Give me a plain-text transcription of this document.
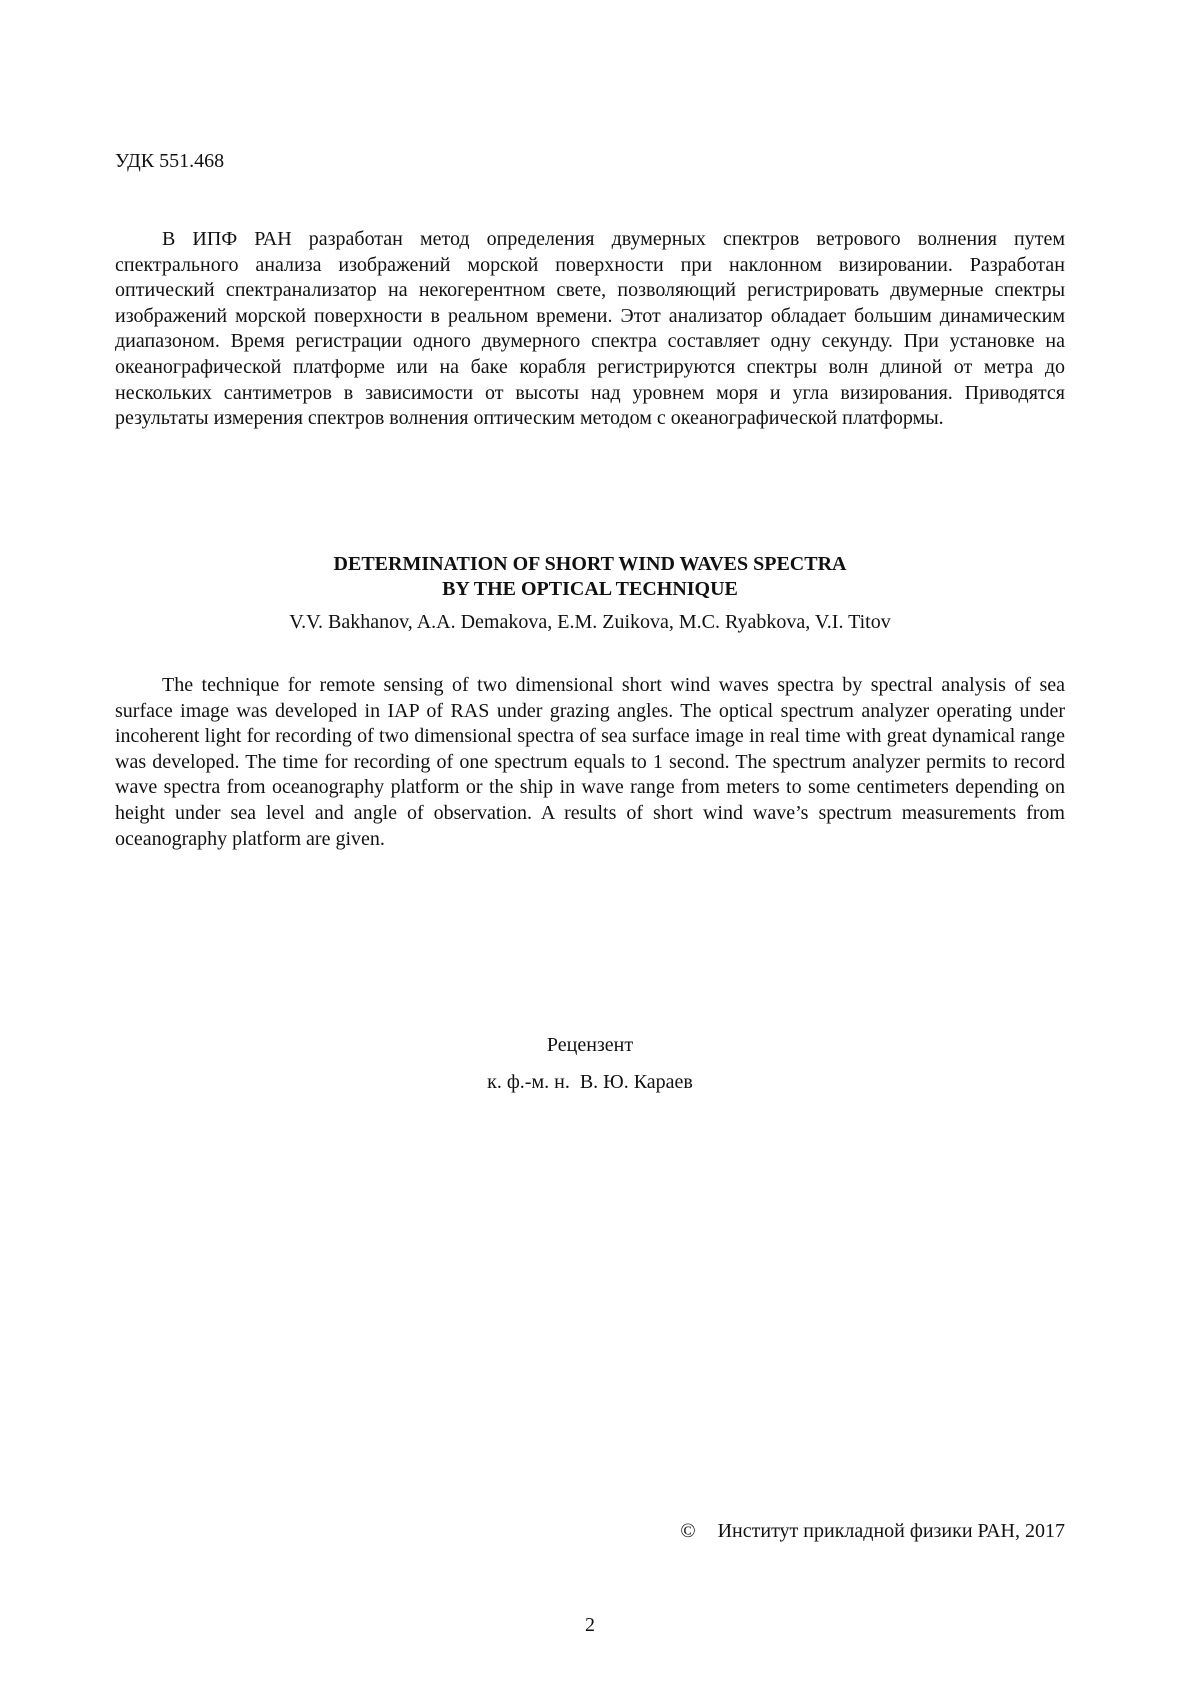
УДК 551.468

В ИПФ РАН разработан метод определения двумерных спектров ветрового волнения путем спектрального анализа изображений морской поверхности при наклонном визировании. Разработан оптический спектранализатор на некогерентном свете, позволяющий регистрировать двумерные спектры изображений морской поверхности в реальном времени. Этот анализатор обладает большим динамическим диапазоном. Время регистрации одного двумерного спектра составляет одну секунду. При установке на океанографической платформе или на баке корабля регистрируются спектры волн длиной от метра до нескольких сантиметров в зависимости от высоты над уровнем моря и угла визирования. Приводятся результаты измерения спектров волнения оптическим методом с океанографической платформы.

DETERMINATION OF SHORT WIND WAVES SPECTRA
BY THE OPTICAL TECHNIQUE
V.V. Bakhanov, A.A. Demakova, E.M. Zuikova, M.C. Ryabkova, V.I. Titov

The technique for remote sensing of two dimensional short wind waves spectra by spectral analysis of sea surface image was developed in IAP of RAS under grazing angles. The optical spectrum analyzer operating under incoherent light for recording of two dimensional spectra of sea surface image in real time with great dynamical range was developed. The time for recording of one spectrum equals to 1 second. The spectrum analyzer permits to record wave spectra from oceanography platform or the ship in wave range from meters to some centimeters depending on height under sea level and angle of observation. A results of short wind wave’s spectrum measurements from oceanography platform are given.

Рецензент
к. ф.-м. н.  В. Ю. Караев
© Институт прикладной физики РАН, 2017
2
